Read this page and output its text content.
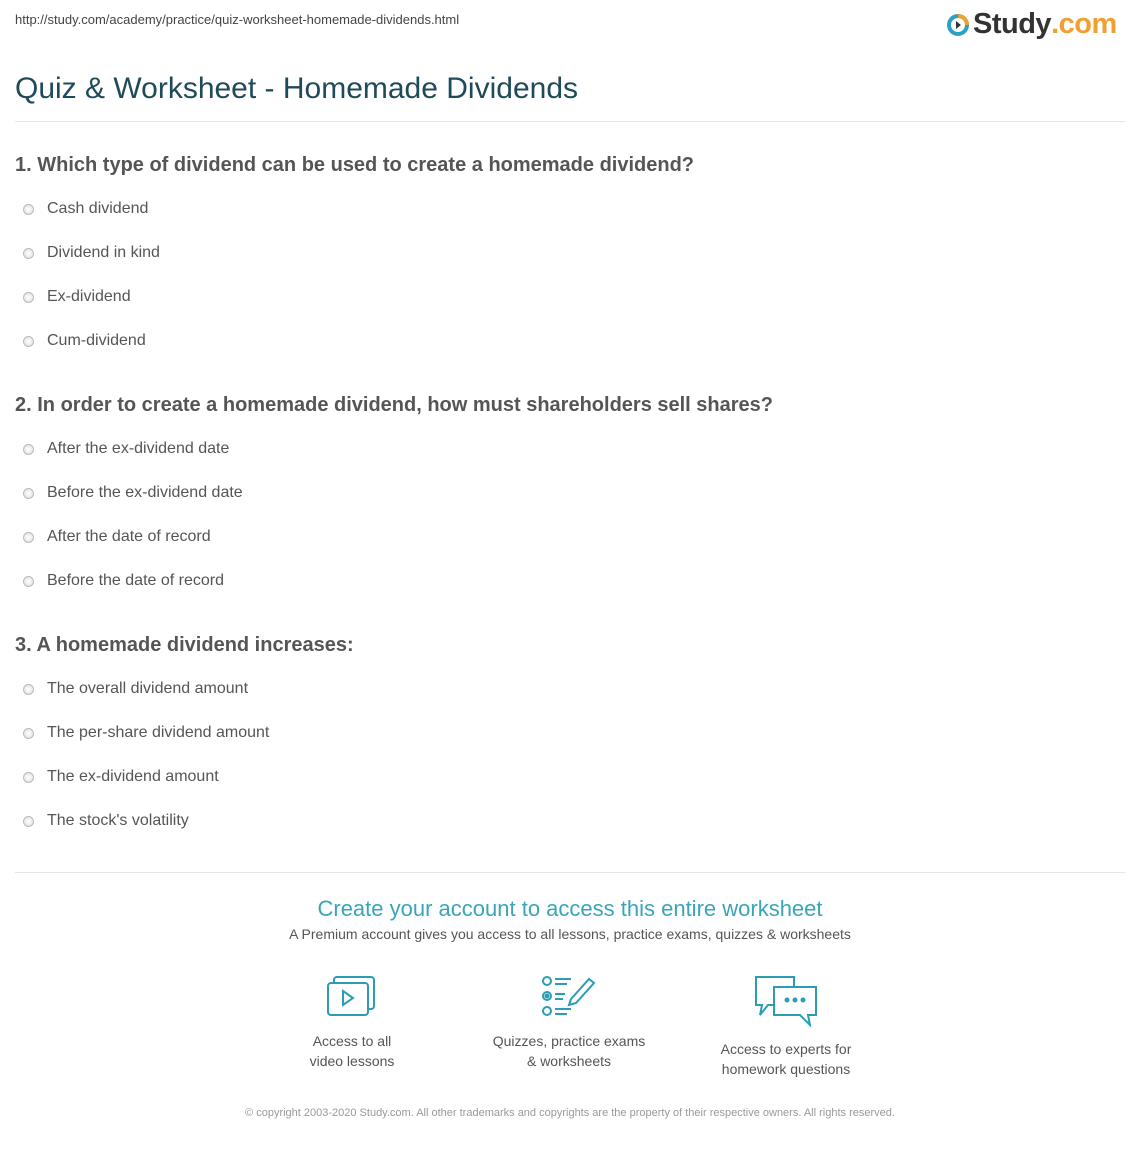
http://study.com/academy/practice/quiz-worksheet-homemade-dividends.html	Study .com
Quiz & Worksheet - Homemade Dividends
1. Which type of dividend can be used to create a homemade dividend?
Cash dividend
Dividend in kind
Ex-dividend
Cum-dividend
2. In order to create a homemade dividend, how must shareholders sell shares?
After the ex-dividend date
Before the ex-dividend date
After the date of record
Before the date of record
3. A homemade dividend increases:
The overall dividend amount
The per-share dividend amount
The ex-dividend amount
The stock's volatility
Create your account to access this entire worksheet
A Premium account gives you access to all lessons, practice exams, quizzes & worksheets
Access to all
video lessons
Quizzes, practice exams
& worksheets
Access to experts for
homework questions
© copyright 2003-2020 Study.com. All other trademarks and copyrights are the property of their respective owners. All rights reserved.
